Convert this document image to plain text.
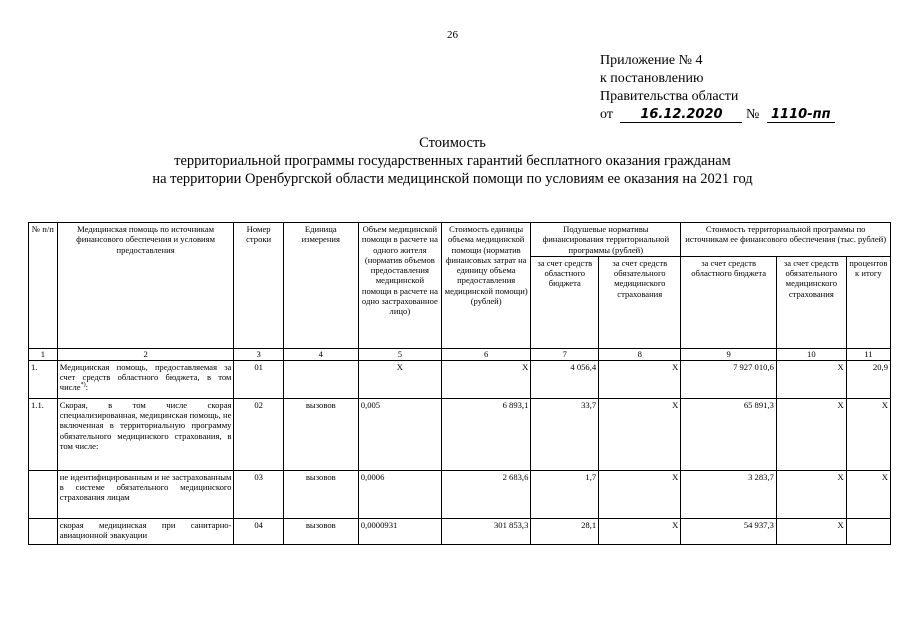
26
Приложение № 4
к постановлению
Правительства области
от 16.12.2020 № 1110-пп
Стоимость
территориальной программы государственных гарантий бесплатного оказания гражданам
на территории Оренбургской области медицинской помощи по условиям ее оказания на 2021 год
№ п/п	Медицинская помощь по источникам финансового обеспечения и условиям предоставления	Номер строки	Единица измерения	Объем медицинской помощи в расчете на одного жителя (норматив объемов предоставления медицинской помощи в расчете на одно застрахованное лицо)	Стоимость единицы объема медицинской помощи (норматив финансовых затрат на единицу объема предоставления медицинской помощи) (рублей)	Подушевые нормативы финансирования территориальной программы (рублей)		Стоимость территориальной программы по источникам ее финансового обеспечения (тыс. рублей)		
						за счет средств областного бюджета	за счет средств обязательного медицинского страхования	за счет средств областного бюджета	за счет средств обязательного медицинского страхования	процентов к итогу
1	2	3	4	5	6	7	8	9	10	11
1.	Медицинская помощь, предоставляемая за счет средств областного бюджета, в том числе*):	01		X	X	4 056,4	X	7 927 010,6	X	20,9
1.1.	Скорая, в том числе скорая специализированная, медицинская помощь, не включенная в территориальную программу обязательного медицинского страхования, в том числе:	02	вызовов	0,005	6 893,1	33,7	X	65 891,3	X	X
	не идентифицированным и не застрахованным в системе обязательного медицинского страхования лицам	03	вызовов	0,0006	2 683,6	1,7	X	3 283,7	X	X
	скорая медицинская при санитарно-авиационной эвакуации	04	вызовов	0,0000931	301 853,3	28,1	X	54 937,3	X	
